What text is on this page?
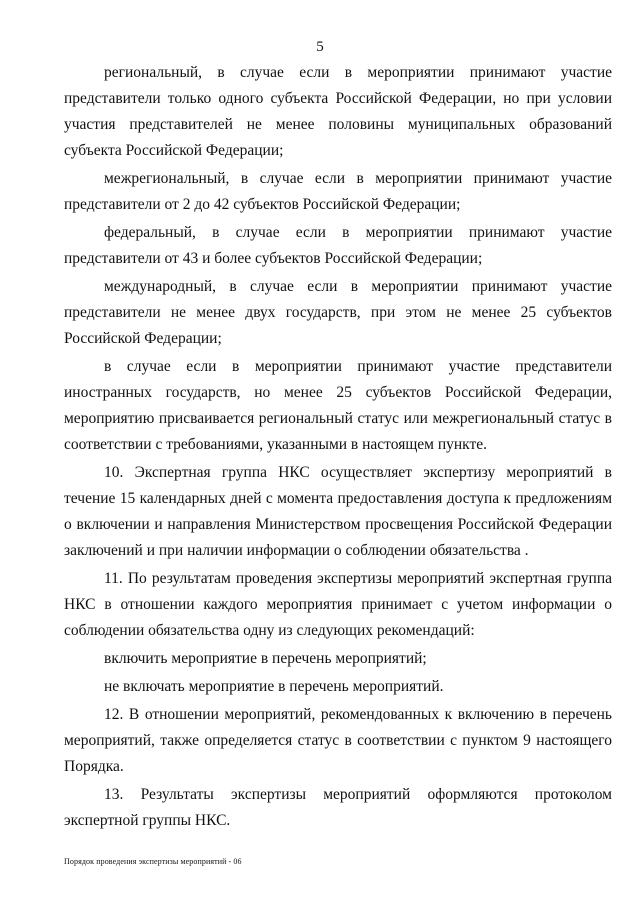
5

региональный, в случае если в мероприятии принимают участие представители только одного субъекта Российской Федерации, но при условии участия представителей не менее половины муниципальных образований субъекта Российской Федерации;

межрегиональный, в случае если в мероприятии принимают участие представители от 2 до 42 субъектов Российской Федерации;

федеральный, в случае если в мероприятии принимают участие представители от 43 и более субъектов Российской Федерации;

международный, в случае если в мероприятии принимают участие представители не менее двух государств, при этом не менее 25 субъектов Российской Федерации;

в случае если в мероприятии принимают участие представители иностранных государств, но менее 25 субъектов Российской Федерации, мероприятию присваивается региональный статус или межрегиональный статус в соответствии с требованиями, указанными в настоящем пункте.

10. Экспертная группа НКС осуществляет экспертизу мероприятий в течение 15 календарных дней с момента предоставления доступа к предложениям о включении и направления Министерством просвещения Российской Федерации заключений и при наличии информации о соблюдении обязательства .

11. По результатам проведения экспертизы мероприятий экспертная группа НКС в отношении каждого мероприятия принимает с учетом информации о соблюдении обязательства одну из следующих рекомендаций:

включить мероприятие в перечень мероприятий;

не включать мероприятие в перечень мероприятий.

12. В отношении мероприятий, рекомендованных к включению в перечень мероприятий, также определяется статус в соответствии с пунктом 9 настоящего Порядка.

13. Результаты экспертизы мероприятий оформляются протоколом экспертной группы НКС.

Порядок проведения экспертизы мероприятий - 06
